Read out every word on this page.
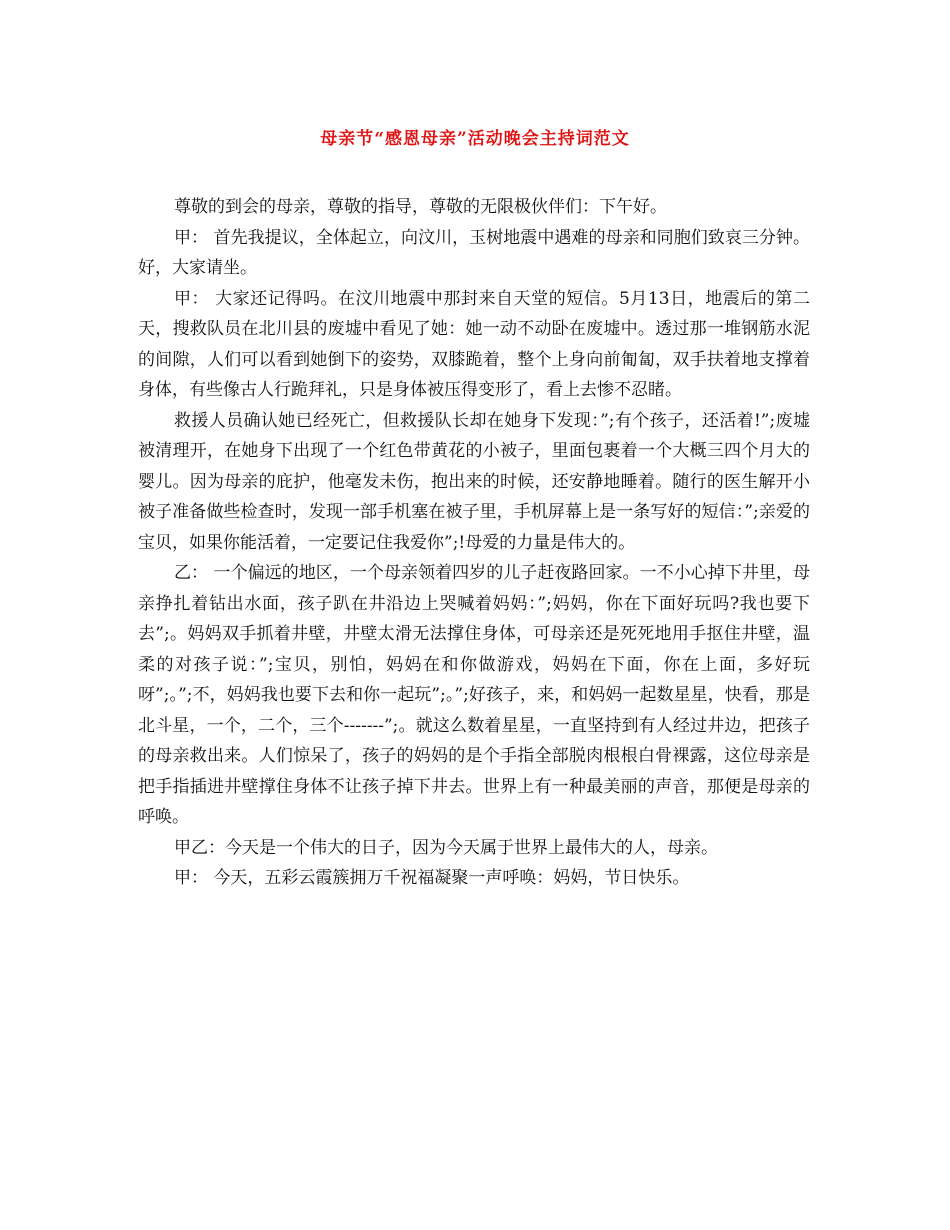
母亲节“感恩母亲”活动晚会主持词范文

尊敬的到会的母亲，尊敬的指导，尊敬的无限极伙伴们：下午好。

甲： 首先我提议，全体起立，向汶川，玉树地震中遇难的母亲和同胞们致哀三分钟。好，大家请坐。

甲： 大家还记得吗。在汶川地震中那封来自天堂的短信。5月13日，地震后的第二天，搜救队员在北川县的废墟中看见了她：她一动不动卧在废墟中。透过那一堆钢筋水泥的间隙，人们可以看到她倒下的姿势，双膝跪着，整个上身向前匍匐，双手扶着地支撑着身体，有些像古人行跪拜礼，只是身体被压得变形了，看上去惨不忍睹。

救援人员确认她已经死亡，但救援队长却在她身下发现：”;有个孩子，还活着!”;废墟被清理开，在她身下出现了一个红色带黄花的小被子，里面包裹着一个大概三四个月大的婴儿。因为母亲的庇护，他毫发未伤，抱出来的时候，还安静地睡着。随行的医生解开小被子准备做些检查时，发现一部手机塞在被子里，手机屏幕上是一条写好的短信：”;亲爱的宝贝，如果你能活着，一定要记住我爱你”;!母爱的力量是伟大的。

乙： 一个偏远的地区，一个母亲领着四岁的儿子赶夜路回家。一不小心掉下井里，母亲挣扎着钻出水面，孩子趴在井沿边上哭喊着妈妈：”;妈妈，你在下面好玩吗?我也要下去”;。妈妈双手抓着井壁，井壁太滑无法撑住身体，可母亲还是死死地用手抠住井壁，温柔的对孩子说：”;宝贝，别怕，妈妈在和你做游戏，妈妈在下面，你在上面，多好玩呀”;。”;不，妈妈我也要下去和你一起玩”;。”;好孩子，来，和妈妈一起数星星，快看，那是北斗星，一个，二个，三个-------”;。就这么数着星星，一直坚持到有人经过井边，把孩子的母亲救出来。人们惊呆了，孩子的妈妈的是个手指全部脱肉根根白骨裸露，这位母亲是把手指插进井壁撑住身体不让孩子掉下井去。世界上有一种最美丽的声音，那便是母亲的呼唤。

甲乙：今天是一个伟大的日子，因为今天属于世界上最伟大的人，母亲。

甲： 今天，五彩云霞簇拥万千祝福凝聚一声呼唤：妈妈，节日快乐。
